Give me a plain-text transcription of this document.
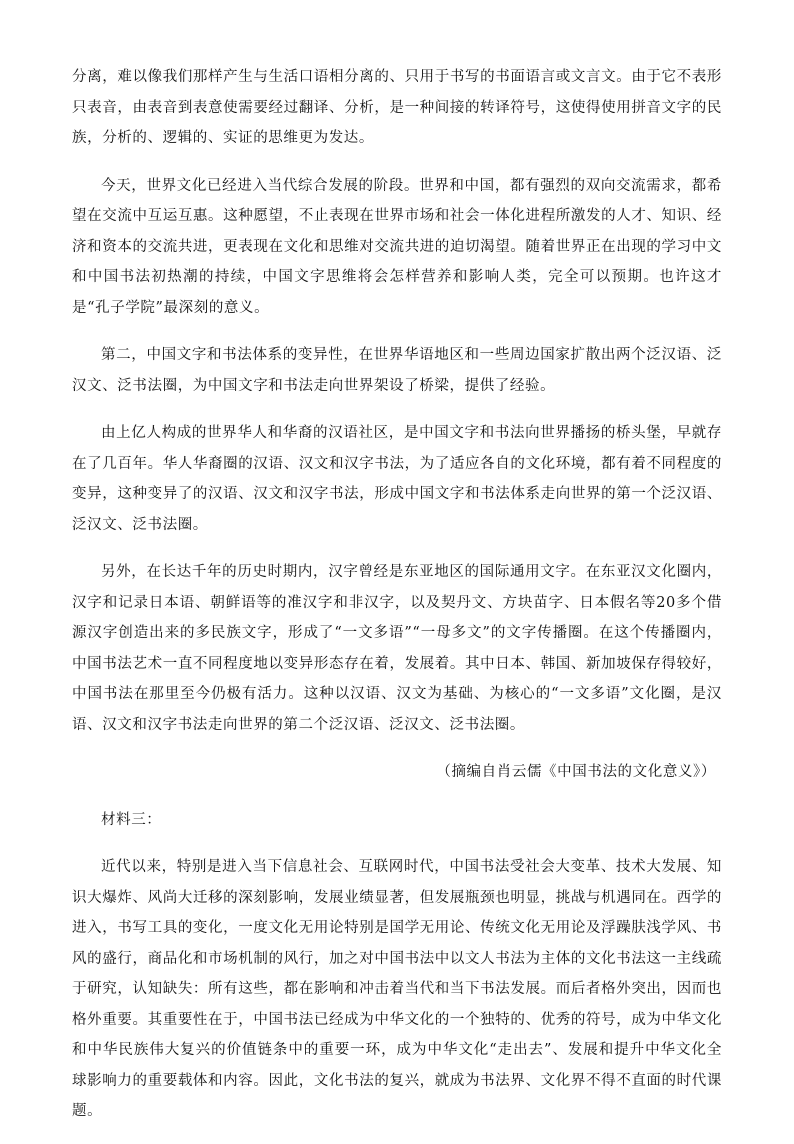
分离，难以像我们那样产生与生活口语相分离的、只用于书写的书面语言或文言文。由于它不表形只表音，由表音到表意使需要经过翻译、分析，是一种间接的转译符号，这使得使用拼音文字的民族，分析的、逻辑的、实证的思维更为发达。

今天，世界文化已经进入当代综合发展的阶段。世界和中国，都有强烈的双向交流需求，都希望在交流中互运互惠。这种愿望，不止表现在世界市场和社会一体化进程所激发的人才、知识、经济和资本的交流共进，更表现在文化和思维对交流共进的迫切渴望。随着世界正在出现的学习中文和中国书法初热潮的持续，中国文字思维将会怎样营养和影响人类，完全可以预期。也许这才是“孔子学院”最深刻的意义。

第二，中国文字和书法体系的变异性，在世界华语地区和一些周边国家扩散出两个泛汉语、泛汉文、泛书法圈，为中国文字和书法走向世界架设了桥梁，提供了经验。

由上亿人构成的世界华人和华裔的汉语社区，是中国文字和书法向世界播扬的桥头堡，早就存在了几百年。华人华裔圈的汉语、汉文和汉字书法，为了适应各自的文化环境，都有着不同程度的变异，这种变异了的汉语、汉文和汉字书法，形成中国文字和书法体系走向世界的第一个泛汉语、泛汉文、泛书法圈。

另外，在长达千年的历史时期内，汉字曾经是东亚地区的国际通用文字。在东亚汉文化圈内，汉字和记录日本语、朝鲜语等的准汉字和非汉字，以及契丹文、方块苗字、日本假名等20多个借源汉字创造出来的多民族文字，形成了“一文多语”“一母多文”的文字传播圈。在这个传播圈内，中国书法艺术一直不同程度地以变异形态存在着，发展着。其中日本、韩国、新加坡保存得较好，中国书法在那里至今仍极有活力。这种以汉语、汉文为基础、为核心的“一文多语”文化圈，是汉语、汉文和汉字书法走向世界的第二个泛汉语、泛汉文、泛书法圈。

（摘编自肖云儒《中国书法的文化意义》）

材料三：

近代以来，特别是进入当下信息社会、互联网时代，中国书法受社会大变革、技术大发展、知识大爆炸、风尚大迁移的深刻影响，发展业绩显著，但发展瓶颈也明显，挑战与机遇同在。西学的进入，书写工具的变化，一度文化无用论特别是国学无用论、传统文化无用论及浮躁肤浅学风、书风的盛行，商品化和市场机制的风行，加之对中国书法中以文人书法为主体的文化书法这一主线疏于研究，认知缺失：所有这些，都在影响和冲击着当代和当下书法发展。而后者格外突出，因而也格外重要。其重要性在于，中国书法已经成为中华文化的一个独特的、优秀的符号，成为中华文化和中华民族伟大复兴的价值链条中的重要一环，成为中华文化“走出去”、发展和提升中华文化全球影响力的重要载体和内容。因此，文化书法的复兴，就成为书法界、文化界不得不直面的时代课题。
